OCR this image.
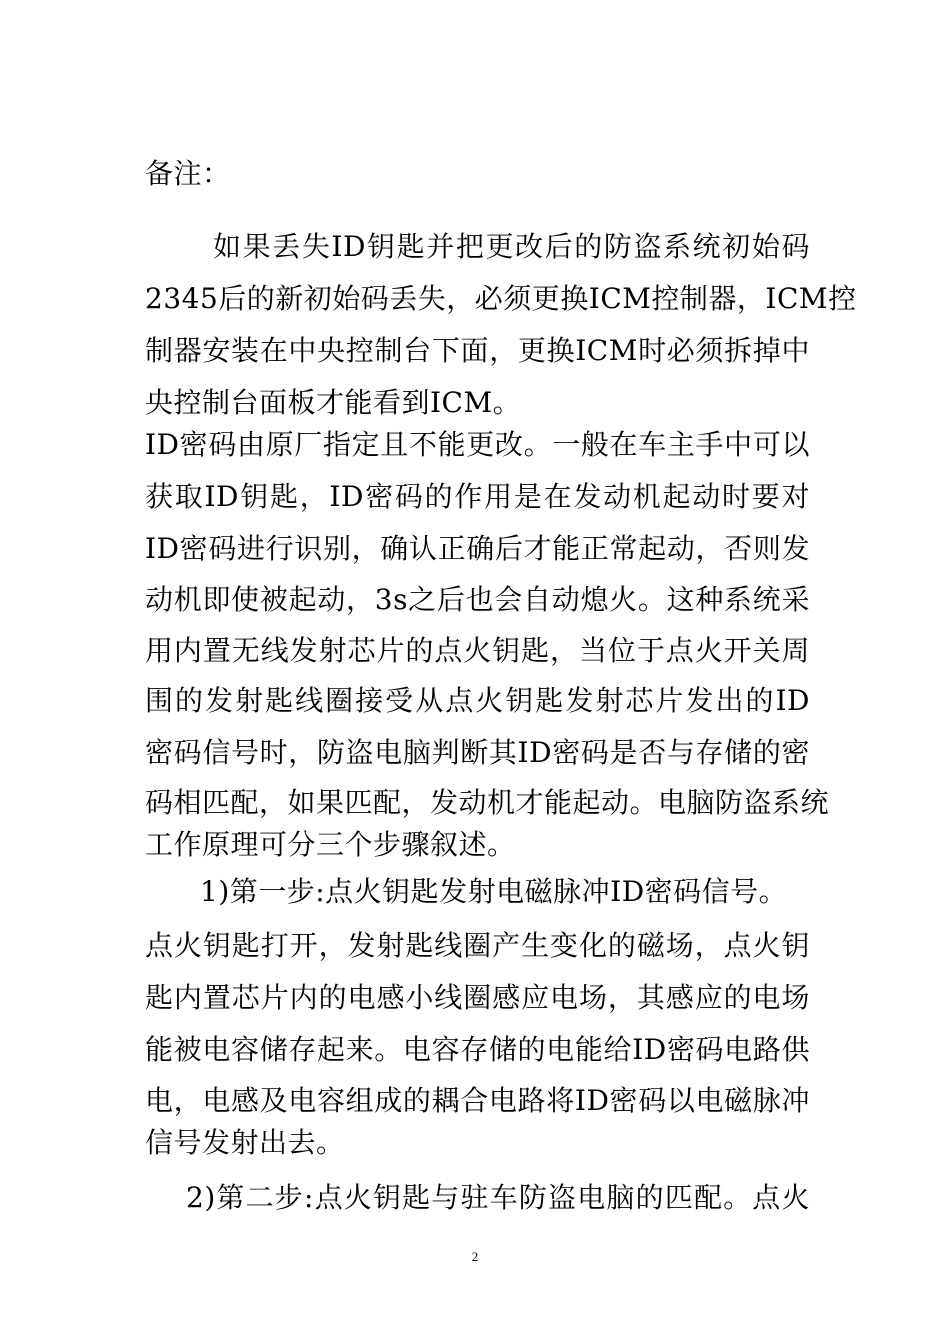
备注：
如果丢失ID钥匙并把更改后的防盗系统初始码
2345后的新初始码丢失，必须更换ICM控制器，ICM控
制器安装在中央控制台下面，更换ICM时必须拆掉中
央控制台面板才能看到ICM。
ID密码由原厂指定且不能更改。一般在车主手中可以
获取ID钥匙，ID密码的作用是在发动机起动时要对
ID密码进行识别，确认正确后才能正常起动，否则发
动机即使被起动，3s之后也会自动熄火。这种系统采
用内置无线发射芯片的点火钥匙，当位于点火开关周
围的发射匙线圈接受从点火钥匙发射芯片发出的ID
密码信号时，防盗电脑判断其ID密码是否与存储的密
码相匹配，如果匹配，发动机才能起动。电脑防盗系统
工作原理可分三个步骤叙述。
1)第一步:点火钥匙发射电磁脉冲ID密码信号。
点火钥匙打开，发射匙线圈产生变化的磁场，点火钥
匙内置芯片内的电感小线圈感应电场，其感应的电场
能被电容储存起来。电容存储的电能给ID密码电路供
电，电感及电容组成的耦合电路将ID密码以电磁脉冲
信号发射出去。
2)第二步:点火钥匙与驻车防盗电脑的匹配。点火
2
